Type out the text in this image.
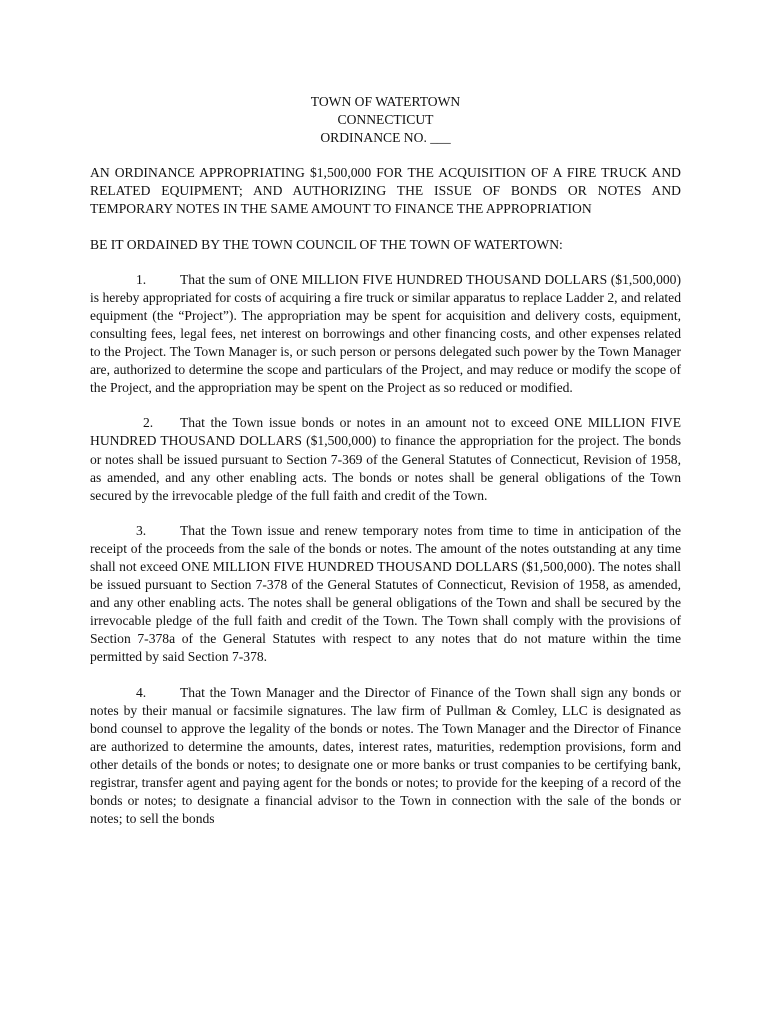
TOWN OF WATERTOWN
CONNECTICUT
ORDINANCE NO. ___

AN ORDINANCE APPROPRIATING $1,500,000 FOR THE ACQUISITION OF A FIRE TRUCK AND RELATED EQUIPMENT; AND AUTHORIZING THE ISSUE OF BONDS OR NOTES AND TEMPORARY NOTES IN THE SAME AMOUNT TO FINANCE THE APPROPRIATION

BE IT ORDAINED BY THE TOWN COUNCIL OF THE TOWN OF WATERTOWN:

1. That the sum of ONE MILLION FIVE HUNDRED THOUSAND DOLLARS ($1,500,000) is hereby appropriated for costs of acquiring a fire truck or similar apparatus to replace Ladder 2, and related equipment (the “Project”). The appropriation may be spent for acquisition and delivery costs, equipment, consulting fees, legal fees, net interest on borrowings and other financing costs, and other expenses related to the Project. The Town Manager is, or such person or persons delegated such power by the Town Manager are, authorized to determine the scope and particulars of the Project, and may reduce or modify the scope of the Project, and the appropriation may be spent on the Project as so reduced or modified.

2. That the Town issue bonds or notes in an amount not to exceed ONE MILLION FIVE HUNDRED THOUSAND DOLLARS ($1,500,000) to finance the appropriation for the project. The bonds or notes shall be issued pursuant to Section 7-369 of the General Statutes of Connecticut, Revision of 1958, as amended, and any other enabling acts. The bonds or notes shall be general obligations of the Town secured by the irrevocable pledge of the full faith and credit of the Town.

3. That the Town issue and renew temporary notes from time to time in anticipation of the receipt of the proceeds from the sale of the bonds or notes. The amount of the notes outstanding at any time shall not exceed ONE MILLION FIVE HUNDRED THOUSAND DOLLARS ($1,500,000). The notes shall be issued pursuant to Section 7-378 of the General Statutes of Connecticut, Revision of 1958, as amended, and any other enabling acts. The notes shall be general obligations of the Town and shall be secured by the irrevocable pledge of the full faith and credit of the Town. The Town shall comply with the provisions of Section 7-378a of the General Statutes with respect to any notes that do not mature within the time permitted by said Section 7-378.

4. That the Town Manager and the Director of Finance of the Town shall sign any bonds or notes by their manual or facsimile signatures. The law firm of Pullman & Comley, LLC is designated as bond counsel to approve the legality of the bonds or notes. The Town Manager and the Director of Finance are authorized to determine the amounts, dates, interest rates, maturities, redemption provisions, form and other details of the bonds or notes; to designate one or more banks or trust companies to be certifying bank, registrar, transfer agent and paying agent for the bonds or notes; to provide for the keeping of a record of the bonds or notes; to designate a financial advisor to the Town in connection with the sale of the bonds or notes; to sell the bonds
